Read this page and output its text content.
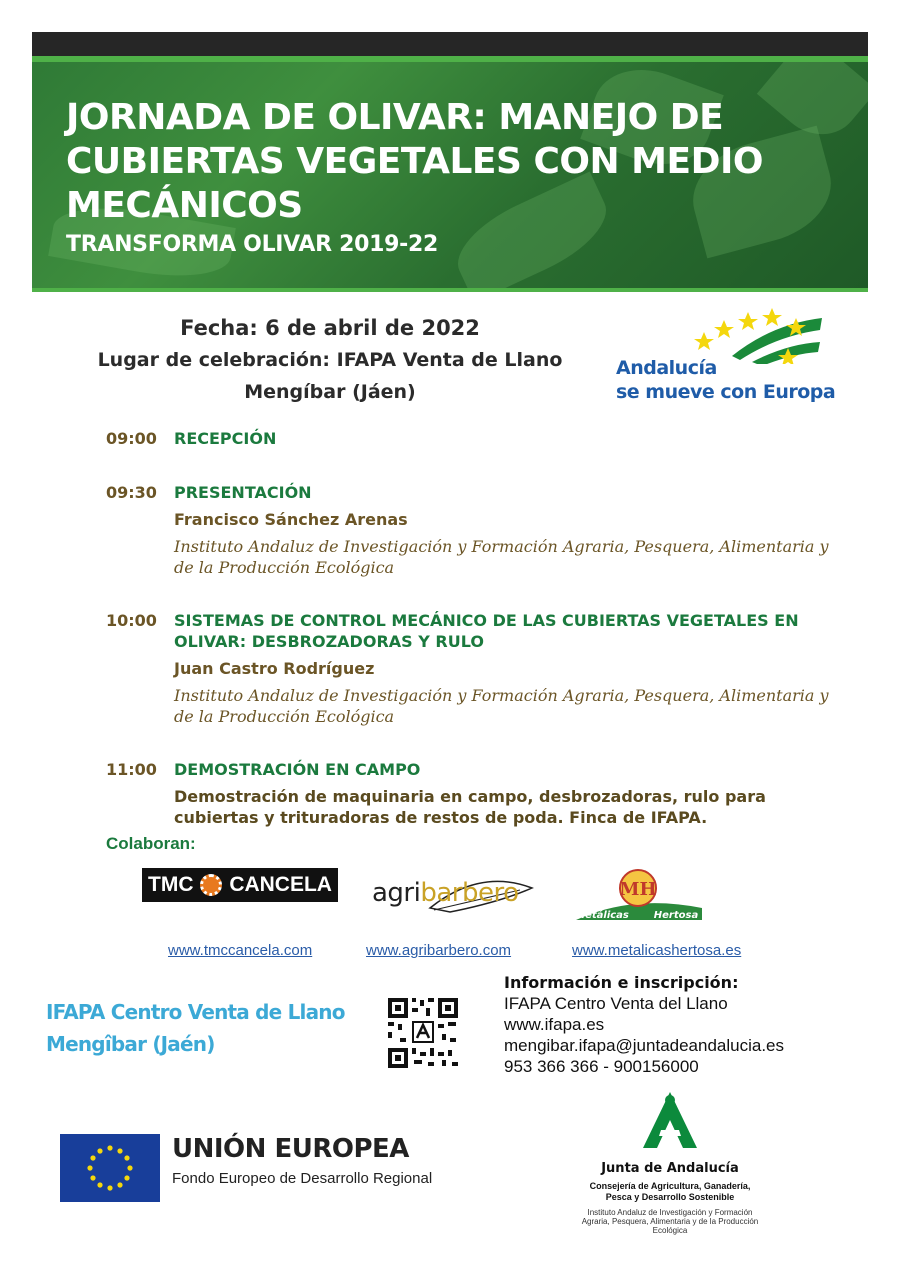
JORNADA DE OLIVAR: MANEJO DE CUBIERTAS VEGETALES CON MEDIO MECÁNICOS
TRANSFORMA OLIVAR 2019-22
Fecha: 6 de abril de 2022
Lugar de celebración: IFAPA Venta de Llano
Mengíbar (Jáen)
Andalucía
se mueve con Europa
09:00	RECEPCIÓN
09:30	PRESENTACIÓN
Francisco Sánchez Arenas
Instituto Andaluz de Investigación y Formación Agraria, Pesquera, Alimentaria y de la Producción Ecológica
10:00	SISTEMAS DE CONTROL MECÁNICO DE LAS CUBIERTAS VEGETALES EN OLIVAR: DESBROZADORAS Y RULO
Juan Castro Rodríguez
Instituto Andaluz de Investigación y Formación Agraria, Pesquera, Alimentaria y de la Producción Ecológica
11:00	DEMOSTRACIÓN EN CAMPO
Demostración de maquinaria en campo, desbrozadoras, rulo para cubiertas y trituradoras de restos de poda. Finca de IFAPA.
Colaboran:
TMC CANCELA agribarbero	MH
Metálicas Hertosa
www.tmccancela.com	www.agribarbero.com	www.metalicashertosa.es
IFAPA Centro Venta de Llano
Mengîbar (Jaén)
Información e inscripción:
IFAPA Centro Venta del Llano
www.ifapa.es
mengibar.ifapa@juntadeandalucia.es
953 366 366 - 900156000
UNIÓN EUROPEA
Fondo Europeo de Desarrollo Regional
Junta de Andalucía
Consejería de Agricultura, Ganadería, Pesca y Desarrollo Sostenible
Instituto Andaluz de Investigación y Formación Agraria, Pesquera, Alimentaria y de la Producción Ecológica
